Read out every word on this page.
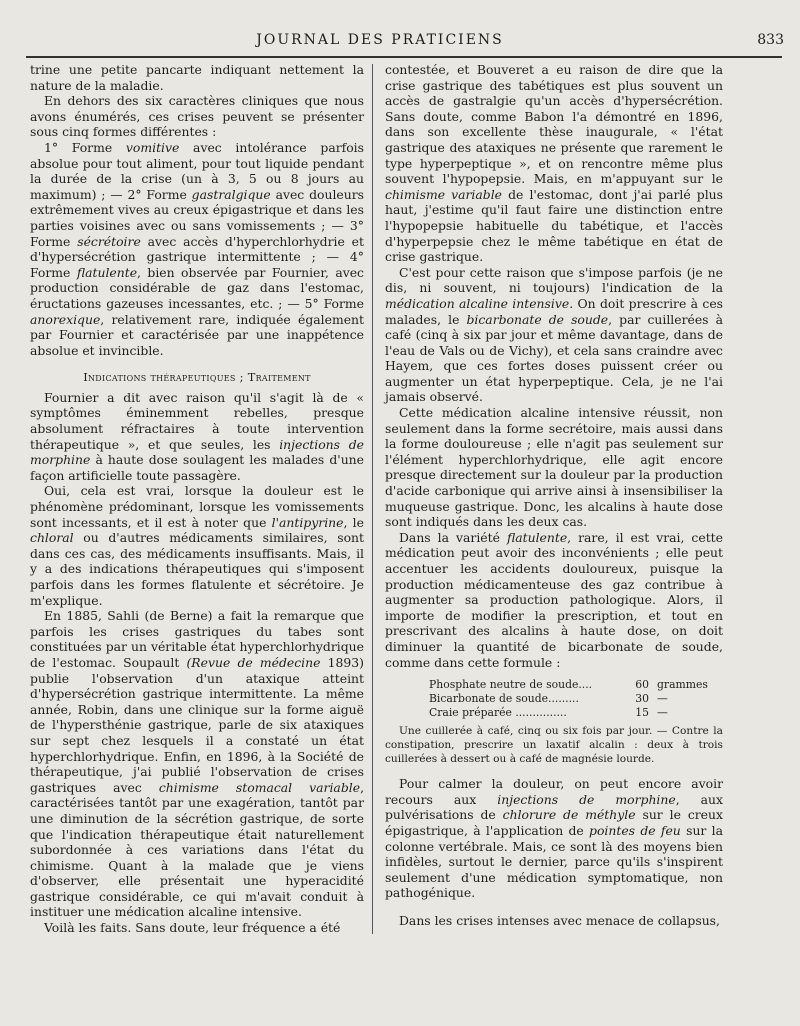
JOURNAL DES PRATICIENS	833

trine une petite pancarte indiquant nettement la nature de la maladie.

En dehors des six caractères cliniques que nous avons énumérés, ces crises peuvent se présenter sous cinq formes différentes :

1° Forme vomitive avec intolérance parfois absolue pour tout aliment, pour tout liquide pendant la durée de la crise (un à 3, 5 ou 8 jours au maximum) ; — 2° Forme gastralgique avec douleurs extrêmement vives au creux épigastrique et dans les parties voisines avec ou sans vomissements ; — 3° Forme sécrétoire avec accès d'hyperchlorhydrie et d'hypersécrétion gastrique intermittente ; — 4° Forme flatulente, bien observée par Fournier, avec production considérable de gaz dans l'estomac, éructations gazeuses incessantes, etc. ; — 5° Forme anorexique, relativement rare, indiquée également par Fournier et caractérisée par une inappétence absolue et invincible.

Indications thérapeutiques ; Traitement

Fournier a dit avec raison qu'il s'agit là de « symptômes éminemment rebelles, presque absolument réfractaires à toute intervention thérapeutique », et que seules, les injections de morphine à haute dose soulagent les malades d'une façon artificielle toute passagère.

Oui, cela est vrai, lorsque la douleur est le phénomène prédominant, lorsque les vomissements sont incessants, et il est à noter que l'antipyrine, le chloral ou d'autres médicaments similaires, sont dans ces cas, des médicaments insuffisants. Mais, il y a des indications thérapeutiques qui s'imposent parfois dans les formes flatulente et sécrétoire. Je m'explique.

En 1885, Sahli (de Berne) a fait la remarque que parfois les crises gastriques du tabes sont constituées par un véritable état hyperchlorhydrique de l'estomac. Soupault (Revue de médecine 1893) publie l'observation d'un ataxique atteint d'hypersécrétion gastrique intermittente. La même année, Robin, dans une clinique sur la forme aiguë de l'hypersthénie gastrique, parle de six ataxiques sur sept chez lesquels il a constaté un état hyperchlorhydrique. Enfin, en 1896, à la Société de thérapeutique, j'ai publié l'observation de crises gastriques avec chimisme stomacal variable, caractérisées tantôt par une exagération, tantôt par une diminution de la sécrétion gastrique, de sorte que l'indication thérapeutique était naturellement subordonnée à ces variations dans l'état du chimisme. Quant à la malade que je viens d'observer, elle présentait une hyperacidité gastrique considérable, ce qui m'avait conduit à instituer une médication alcaline intensive.

Voilà les faits. Sans doute, leur fréquence a été

contestée, et Bouveret a eu raison de dire que la crise gastrique des tabétiques est plus souvent un accès de gastralgie qu'un accès d'hypersécrétion. Sans doute, comme Babon l'a démontré en 1896, dans son excellente thèse inaugurale, « l'état gastrique des ataxiques ne présente que rarement le type hyperpeptique », et on rencontre même plus souvent l'hypopepsie. Mais, en m'appuyant sur le chimisme variable de l'estomac, dont j'ai parlé plus haut, j'estime qu'il faut faire une distinction entre l'hypopepsie habituelle du tabétique, et l'accès d'hyperpepsie chez le même tabétique en état de crise gastrique.

C'est pour cette raison que s'impose parfois (je ne dis, ni souvent, ni toujours) l'indication de la médication alcaline intensive. On doit prescrire à ces malades, le bicarbonate de soude, par cuillerées à café (cinq à six par jour et même davantage, dans de l'eau de Vals ou de Vichy), et cela sans craindre avec Hayem, que ces fortes doses puissent créer ou augmenter un état hyperpeptique. Cela, je ne l'ai jamais observé.

Cette médication alcaline intensive réussit, non seulement dans la forme secrétoire, mais aussi dans la forme douloureuse ; elle n'agit pas seulement sur l'élément hyperchlorhydrique, elle agit encore presque directement sur la douleur par la production d'acide carbonique qui arrive ainsi à insensibiliser la muqueuse gastrique. Donc, les alcalins à haute dose sont indiqués dans les deux cas.

Dans la variété flatulente, rare, il est vrai, cette médication peut avoir des inconvénients ; elle peut accentuer les accidents douloureux, puisque la production médicamenteuse des gaz contribue à augmenter sa production pathologique. Alors, il importe de modifier la prescription, et tout en prescrivant des alcalins à haute dose, on doit diminuer la quantité de bicarbonate de soude, comme dans cette formule :

Phosphate neutre de soude....	60 grammes
Bicarbonate de soude.........	30 —
Craie préparée ...............	15 —
Une cuillerée à café, cinq ou six fois par jour. — Contre la constipation, prescrire un laxatif alcalin : deux à trois cuillerées à dessert ou à café de magnésie lourde.

Pour calmer la douleur, on peut encore avoir recours aux injections de morphine, aux pulvérisations de chlorure de méthyle sur le creux épigastrique, à l'application de pointes de feu sur la colonne vertébrale. Mais, ce sont là des moyens bien infidèles, surtout le dernier, parce qu'ils s'inspirent seulement d'une médication symptomatique, non pathogénique.

Dans les crises intenses avec menace de collapsus,
